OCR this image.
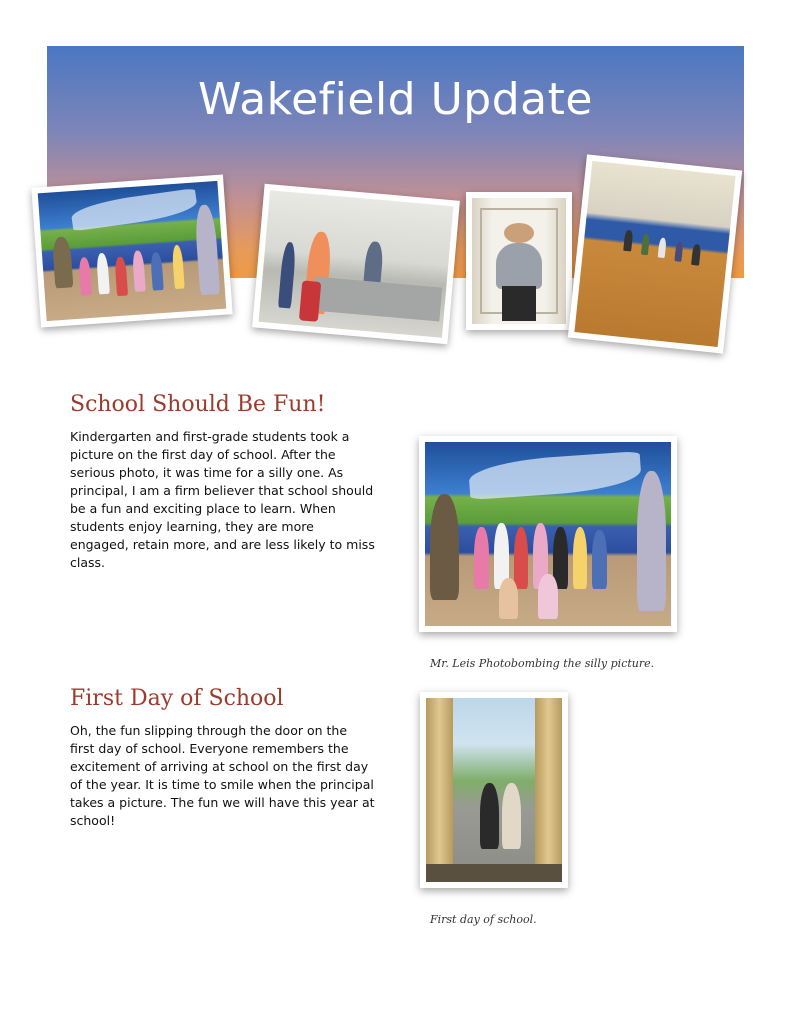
Wakefield Update
School Should Be Fun!

Kindergarten and first-grade students took a picture on the first day of school. After the serious photo, it was time for a silly one. As principal, I am a firm believer that school should be a fun and exciting place to learn. When students enjoy learning, they are more engaged, retain more, and are less likely to miss class.

Mr. Leis Photobombing the silly picture.

First Day of School

Oh, the fun slipping through the door on the first day of school. Everyone remembers the excitement of arriving at school on the first day of the year. It is time to smile when the principal takes a picture. The fun we will have this year at school!

First day of school.
